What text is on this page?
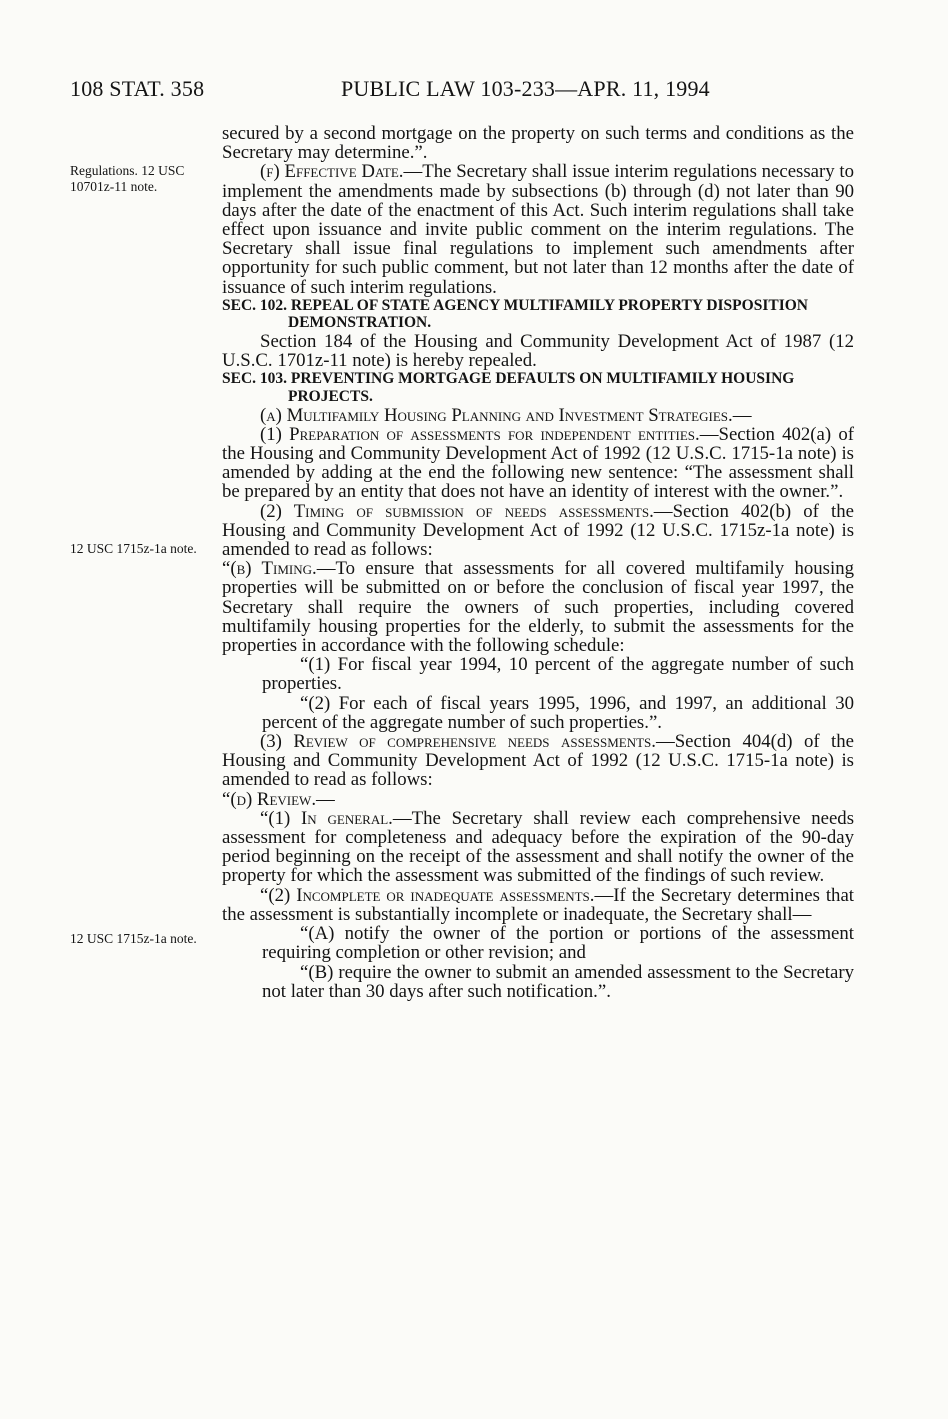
108 STAT. 358	PUBLIC LAW 103-233—APR. 11, 1994
Regulations. 12 USC 10701z-11 note.
12 USC 1715z-1a note.
12 USC 1715z-1a note.

secured by a second mortgage on the property on such terms and conditions as the Secretary may determine.”.

(f) Effective Date.—The Secretary shall issue interim regulations necessary to implement the amendments made by subsections (b) through (d) not later than 90 days after the date of the enactment of this Act. Such interim regulations shall take effect upon issuance and invite public comment on the interim regulations. The Secretary shall issue final regulations to implement such amendments after opportunity for such public comment, but not later than 12 months after the date of issuance of such interim regulations.

SEC. 102. REPEAL OF STATE AGENCY MULTIFAMILY PROPERTY DISPOSITION DEMONSTRATION.

Section 184 of the Housing and Community Development Act of 1987 (12 U.S.C. 1701z-11 note) is hereby repealed.

SEC. 103. PREVENTING MORTGAGE DEFAULTS ON MULTIFAMILY HOUSING PROJECTS.

(a) Multifamily Housing Planning and Investment Strategies.—

(1) Preparation of assessments for independent entities.—Section 402(a) of the Housing and Community Development Act of 1992 (12 U.S.C. 1715-1a note) is amended by adding at the end the following new sentence: “The assessment shall be prepared by an entity that does not have an identity of interest with the owner.”.

(2) Timing of submission of needs assessments.—Section 402(b) of the Housing and Community Development Act of 1992 (12 U.S.C. 1715z-1a note) is amended to read as follows:

“(b) Timing.—To ensure that assessments for all covered multifamily housing properties will be submitted on or before the conclusion of fiscal year 1997, the Secretary shall require the owners of such properties, including covered multifamily housing properties for the elderly, to submit the assessments for the properties in accordance with the following schedule:

“(1) For fiscal year 1994, 10 percent of the aggregate number of such properties.

“(2) For each of fiscal years 1995, 1996, and 1997, an additional 30 percent of the aggregate number of such properties.”.

(3) Review of comprehensive needs assessments.—Section 404(d) of the Housing and Community Development Act of 1992 (12 U.S.C. 1715-1a note) is amended to read as follows:

“(d) Review.—

“(1) In general.—The Secretary shall review each comprehensive needs assessment for completeness and adequacy before the expiration of the 90-day period beginning on the receipt of the assessment and shall notify the owner of the property for which the assessment was submitted of the findings of such review.

“(2) Incomplete or inadequate assessments.—If the Secretary determines that the assessment is substantially incomplete or inadequate, the Secretary shall—

“(A) notify the owner of the portion or portions of the assessment requiring completion or other revision; and

“(B) require the owner to submit an amended assessment to the Secretary not later than 30 days after such notification.”.
